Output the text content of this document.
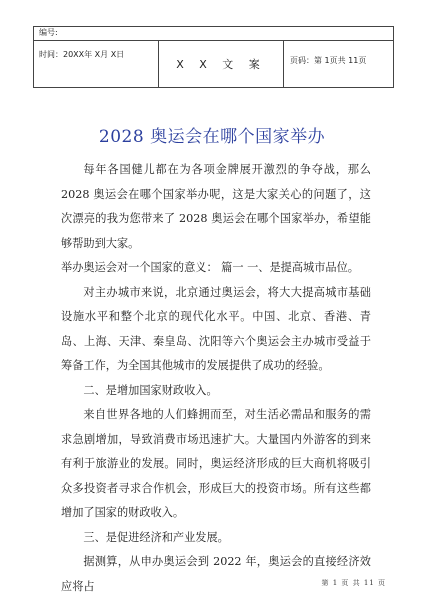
编号:
时间：20XX年 X月 X日
X X 文 案	页码：第 1页共 11页
2028 奥运会在哪个国家举办

每年各国健儿都在为各项金牌展开激烈的争夺战，那么 2028 奥运会在哪个国家举办呢，这是大家关心的问题了，这次漂亮的我为您带来了 2028 奥运会在哪个国家举办，希望能够帮助到大家。

举办奥运会对一个国家的意义： 篇一 一、是提高城市品位。

对主办城市来说，北京通过奥运会，将大大提高城市基础设施水平和整个北京的现代化水平。中国、北京、香港、青岛、上海、天津、秦皇岛、沈阳等六个奥运会主办城市受益于筹备工作，为全国其他城市的发展提供了成功的经验。

二、是增加国家财政收入。

来自世界各地的人们蜂拥而至，对生活必需品和服务的需求急剧增加，导致消费市场迅速扩大。大量国内外游客的到来有利于旅游业的发展。同时，奥运经济形成的巨大商机将吸引众多投资者寻求合作机会，形成巨大的投资市场。所有这些都增加了国家的财政收入。

三、是促进经济和产业发展。

据测算，从申办奥运会到 2022 年，奥运会的直接经济效应将占	第 1 页 共 11 页
